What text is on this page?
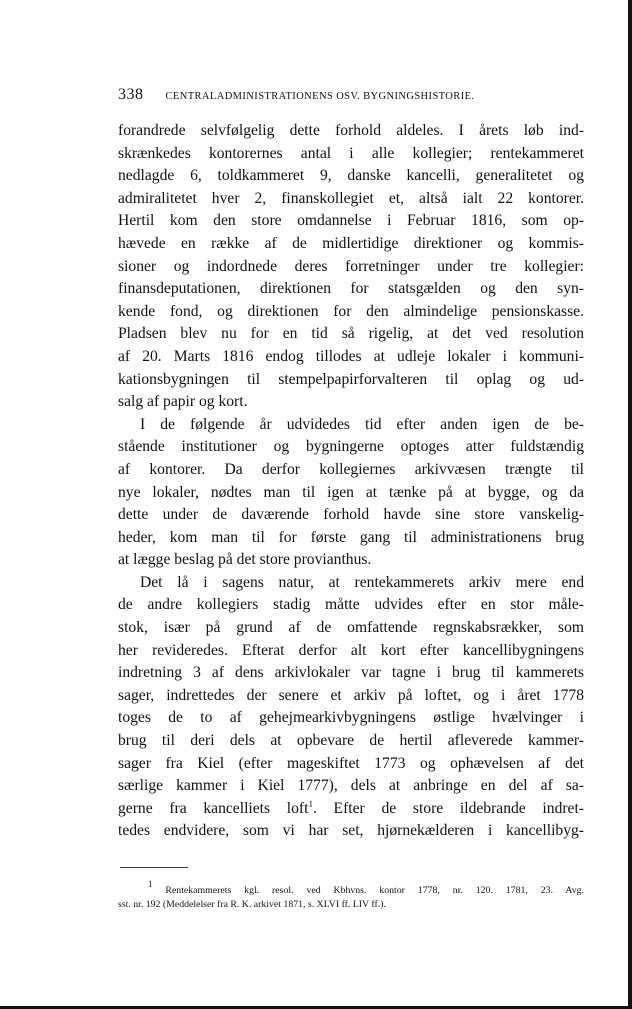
338 CENTRALADMINISTRATIONENS OSV. BYGNINGSHISTORIE.
forandrede selvfølgelig dette forhold aldeles. I årets løb ind-
skrænkedes kontorernes antal i alle kollegier; rentekammeret
nedlagde 6, toldkammeret 9, danske kancelli, generalitetet og
admiralitetet hver 2, finanskollegiet et, altså ialt 22 kontorer.
Hertil kom den store omdannelse i Februar 1816, som op-
hævede en række af de midlertidige direktioner og kommis-
sioner og indordnede deres forretninger under tre kollegier:
finansdeputationen, direktionen for statsgælden og den syn-
kende fond, og direktionen for den almindelige pensionskasse.
Pladsen blev nu for en tid så rigelig, at det ved resolution
af 20. Marts 1816 endog tillodes at udleje lokaler i kommuni-
kationsbygningen til stempelpapirforvalteren til oplag og ud-
salg af papir og kort.
I de følgende år udvidedes tid efter anden igen de be-
stående institutioner og bygningerne optoges atter fuldstændig
af kontorer. Da derfor kollegiernes arkivvæsen trængte til
nye lokaler, nødtes man til igen at tænke på at bygge, og da
dette under de daværende forhold havde sine store vanskelig-
heder, kom man til for første gang til administrationens brug
at lægge beslag på det store provianthus.
Det lå i sagens natur, at rentekammerets arkiv mere end
de andre kollegiers stadig måtte udvides efter en stor måle-
stok, især på grund af de omfattende regnskabsrækker, som
her revideredes. Efterat derfor alt kort efter kancellibygningens
indretning 3 af dens arkivlokaler var tagne i brug til kammerets
sager, indrettedes der senere et arkiv på loftet, og i året 1778
toges de to af gehejmearkivbygningens østlige hvælvinger i
brug til deri dels at opbevare de hertil afleverede kammer-
sager fra Kiel (efter mageskiftet 1773 og ophævelsen af det
særlige kammer i Kiel 1777), dels at anbringe en del af sa-
gerne fra kancelliets loft$^1$. Efter de store ildebrande indret-
tedes endvidere, som vi har set, hjørnekælderen i kancellibyg-
$^1$ Rentekammerets kgl. resol. ved Kbhvns. kontor 1778, nr. 120. 1781, 23. Avg.
sst. nr. 192 (Meddelelser fra R. K. arkivet 1871, s. XLVI ff. LIV ff.).
